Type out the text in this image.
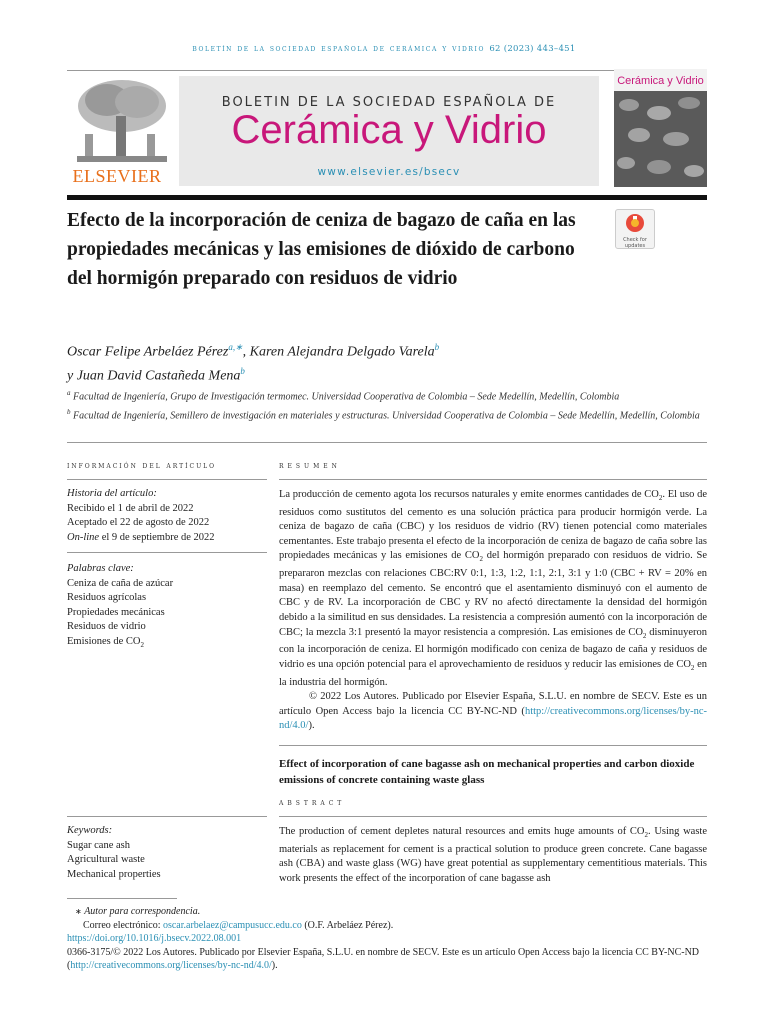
boletín de la sociedad española de cerámica y vidrio 62 (2023) 443–451
ELSEVIER
BOLETIN DE LA SOCIEDAD ESPAÑOLA DE
Cerámica y Vidrio
www.elsevier.es/bsecv
Cerámica y Vidrio
Efecto de la incorporación de ceniza de bagazo de caña en las propiedades mecánicas y las emisiones de dióxido de carbono del hormigón preparado con residuos de vidrio
Check for updates
Oscar Felipe Arbeláez Pérez$^{a,∗}$, Karen Alejandra Delgado Varela$^b$
y Juan David Castañeda Mena$^b$
$^a$ Facultad de Ingeniería, Grupo de Investigación termomec. Universidad Cooperativa de Colombia – Sede Medellín, Medellín, Colombia
$^b$ Facultad de Ingeniería, Semillero de investigación en materiales y estructuras. Universidad Cooperativa de Colombia – Sede Medellín, Medellín, Colombia
información del artículo
Historia del artículo:
Recibido el 1 de abril de 2022
Aceptado el 22 de agosto de 2022
On-line el 9 de septiembre de 2022
Palabras clave:
Ceniza de caña de azúcar
Residuos agrícolas
Propiedades mecánicas
Residuos de vidrio
Emisiones de $CO_2$
resumen

La producción de cemento agota los recursos naturales y emite enormes cantidades de $CO_2$. El uso de residuos como sustitutos del cemento es una solución práctica para producir hormigón verde. La ceniza de bagazo de caña (CBC) y los residuos de vidrio (RV) tienen potencial como materiales cementantes. Este trabajo presenta el efecto de la incorporación de ceniza de bagazo de caña sobre las propiedades mecánicas y las emisiones de $CO_2$ del hormigón preparado con residuos de vidrio. Se prepararon mezclas con relaciones CBC:RV 0:1, 1:3, 1:2, 1:1, 2:1, 3:1 y 1:0 (CBC + RV = 20% en masa) en reemplazo del cemento. Se encontró que el asentamiento disminuyó con el aumento de CBC y de RV. La incorporación de CBC y RV no afectó directamente la densidad del hormigón debido a la similitud en sus densidades. La resistencia a compresión aumentó con la incorporación de CBC; la mezcla 3:1 presentó la mayor resistencia a compresión. Las emisiones de $CO_2$ disminuyeron con la incorporación de ceniza. El hormigón modificado con ceniza de bagazo de caña y residuos de vidrio es una opción potencial para el aprovechamiento de residuos y reducir las emisiones de $CO_2$ en la industria del hormigón.

© 2022 Los Autores. Publicado por Elsevier España, S.L.U. en nombre de SECV. Este es un artículo Open Access bajo la licencia CC BY-NC-ND (http://creativecommons.org/licenses/by-nc-nd/4.0/).

Effect of incorporation of cane bagasse ash on mechanical properties and carbon dioxide emissions of concrete containing waste glass
abstract
Keywords:
Sugar cane ash
Agricultural waste
Mechanical properties
The production of cement depletes natural resources and emits huge amounts of $CO_2$. Using waste materials as replacement for cement is a practical solution to produce green concrete. Cane bagasse ash (CBA) and waste glass (WG) have great potential as supplementary cementitious materials. This work presents the effect of the incorporation of cane bagasse ash
∗ Autor para correspondencia.
Correo electrónico: oscar.arbelaez@campusucc.edu.co (O.F. Arbeláez Pérez).
https://doi.org/10.1016/j.bsecv.2022.08.001
0366-3175/© 2022 Los Autores. Publicado por Elsevier España, S.L.U. en nombre de SECV. Este es un artículo Open Access bajo la licencia CC BY-NC-ND (http://creativecommons.org/licenses/by-nc-nd/4.0/).
